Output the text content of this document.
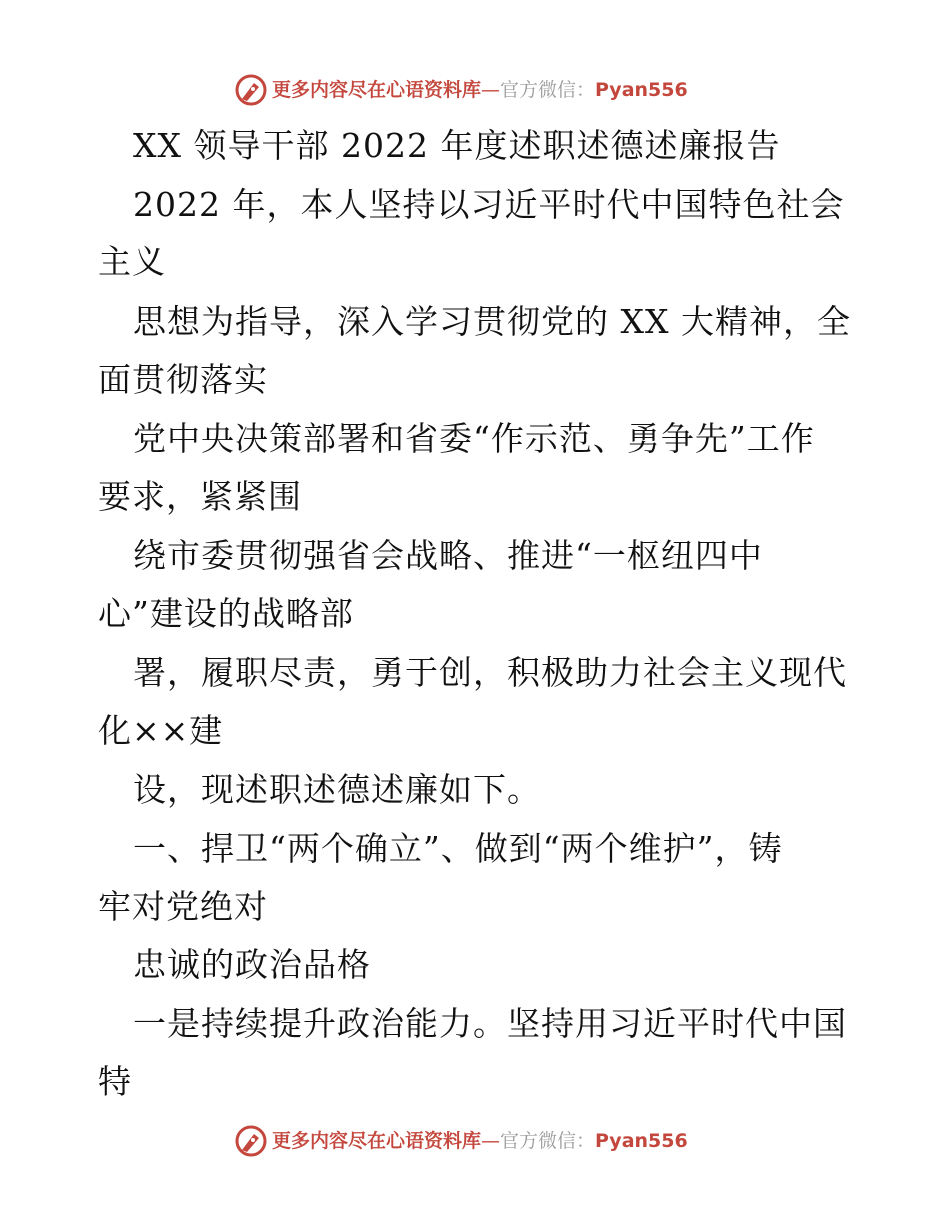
更多内容尽在心语资料库—官方微信：Pyan556
XX 领导干部 2022 年度述职述德述廉报告
2022 年，本人坚持以习近平时代中国特色社会
主义
思想为指导，深入学习贯彻党的 XX 大精神，全
面贯彻落实
党中央决策部署和省委“作示范、勇争先”工作
要求，紧紧围
绕市委贯彻强省会战略、推进“一枢纽四中
心”建设的战略部
署，履职尽责，勇于创，积极助力社会主义现代
化××建
设，现述职述德述廉如下。
一、捍卫“两个确立”、做到“两个维护”，铸
牢对党绝对
忠诚的政治品格
一是持续提升政治能力。坚持用习近平时代中国
特
更多内容尽在心语资料库—官方微信：Pyan556
